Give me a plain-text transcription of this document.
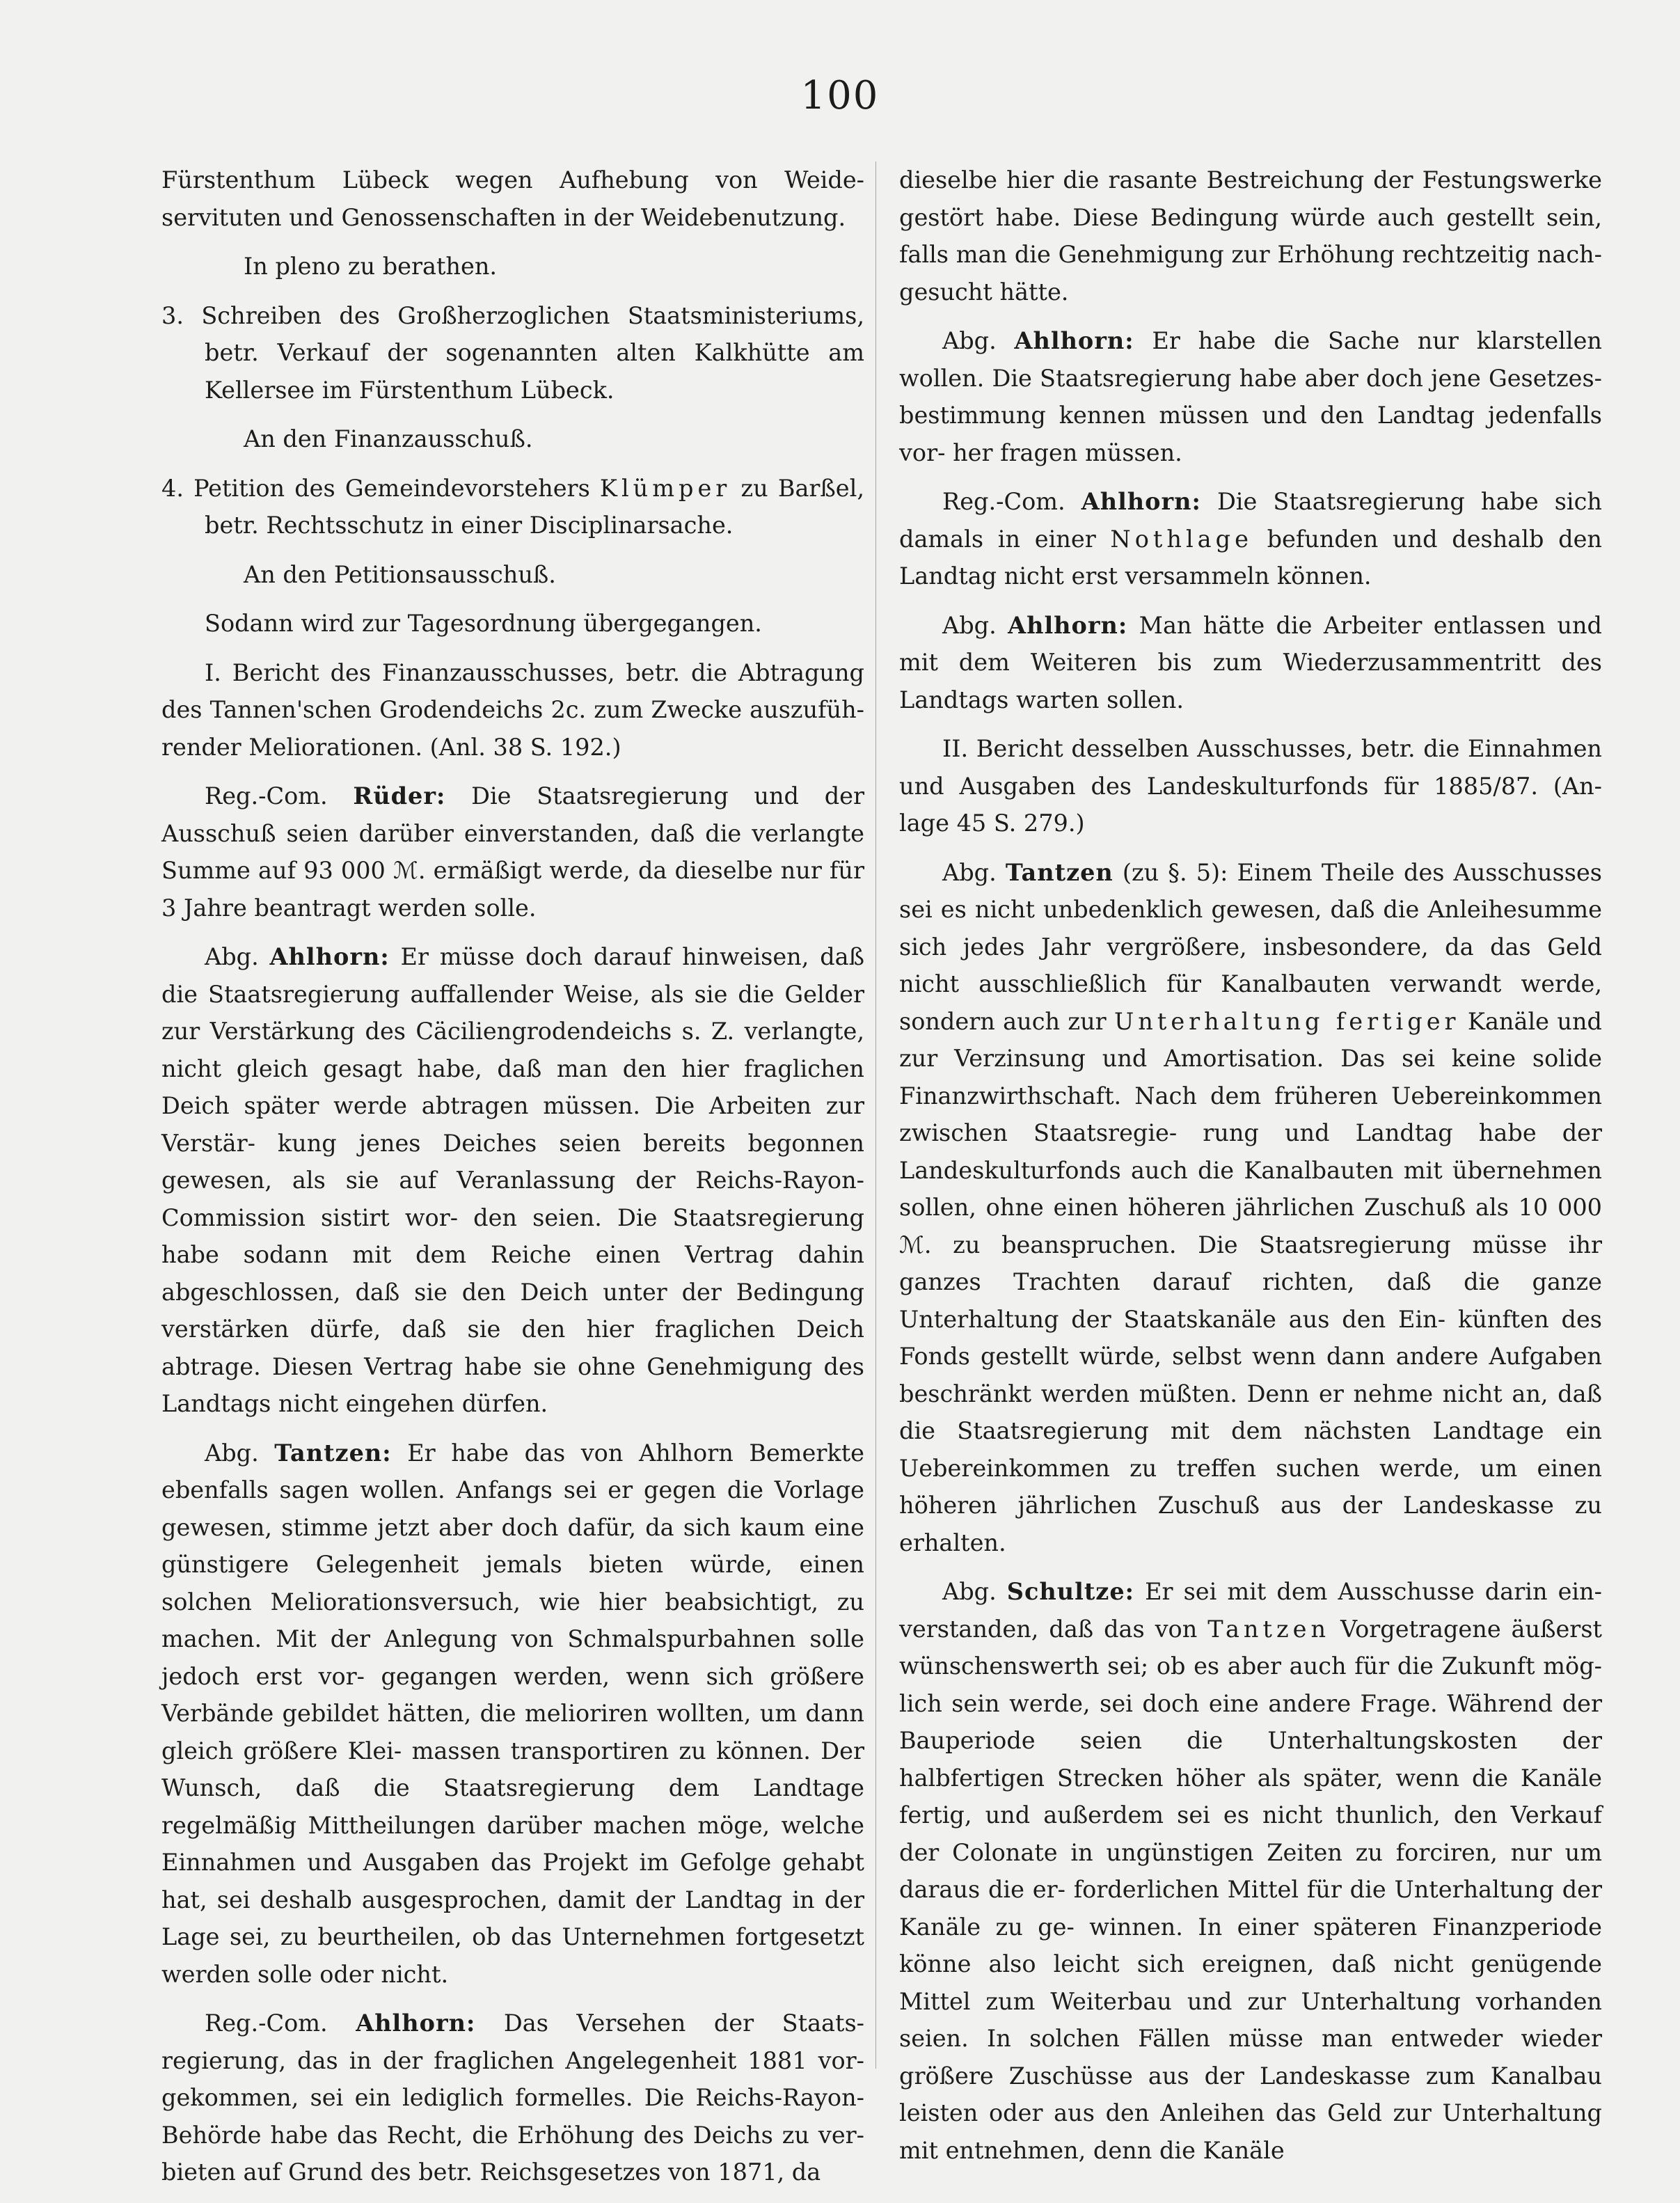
100

Fürstenthum Lübeck wegen Aufhebung von Weide- servituten und Genossenschaften in der Weidebenutzung.

In pleno zu berathen.

3. Schreiben des Großherzoglichen Staatsministeriums, betr. Verkauf der sogenannten alten Kalkhütte am Kellersee im Fürstenthum Lübeck.

An den Finanzausschuß.

4. Petition des Gemeindevorstehers Klümper zu Barßel, betr. Rechtsschutz in einer Disciplinarsache.

An den Petitionsausschuß.

Sodann wird zur Tagesordnung übergegangen.

I. Bericht des Finanzausschusses, betr. die Abtragung des Tannen'schen Grodendeichs 2c. zum Zwecke auszufüh- render Meliorationen. (Anl. 38 S. 192.)

Reg.-Com. Rüder: Die Staatsregierung und der Ausschuß seien darüber einverstanden, daß die verlangte Summe auf 93 000 ℳ. ermäßigt werde, da dieselbe nur für 3 Jahre beantragt werden solle.

Abg. Ahlhorn: Er müsse doch darauf hinweisen, daß die Staatsregierung auffallender Weise, als sie die Gelder zur Verstärkung des Cäciliengrodendeichs s. Z. verlangte, nicht gleich gesagt habe, daß man den hier fraglichen Deich später werde abtragen müssen. Die Arbeiten zur Verstär- kung jenes Deiches seien bereits begonnen gewesen, als sie auf Veranlassung der Reichs-Rayon-Commission sistirt wor- den seien. Die Staatsregierung habe sodann mit dem Reiche einen Vertrag dahin abgeschlossen, daß sie den Deich unter der Bedingung verstärken dürfe, daß sie den hier fraglichen Deich abtrage. Diesen Vertrag habe sie ohne Genehmigung des Landtags nicht eingehen dürfen.

Abg. Tantzen: Er habe das von Ahlhorn Bemerkte ebenfalls sagen wollen. Anfangs sei er gegen die Vorlage gewesen, stimme jetzt aber doch dafür, da sich kaum eine günstigere Gelegenheit jemals bieten würde, einen solchen Meliorationsversuch, wie hier beabsichtigt, zu machen. Mit der Anlegung von Schmalspurbahnen solle jedoch erst vor- gegangen werden, wenn sich größere Verbände gebildet hätten, die melioriren wollten, um dann gleich größere Klei- massen transportiren zu können. Der Wunsch, daß die Staatsregierung dem Landtage regelmäßig Mittheilungen darüber machen möge, welche Einnahmen und Ausgaben das Projekt im Gefolge gehabt hat, sei deshalb ausgesprochen, damit der Landtag in der Lage sei, zu beurtheilen, ob das Unternehmen fortgesetzt werden solle oder nicht.

Reg.-Com. Ahlhorn: Das Versehen der Staats- regierung, das in der fraglichen Angelegenheit 1881 vor- gekommen, sei ein lediglich formelles. Die Reichs-Rayon- Behörde habe das Recht, die Erhöhung des Deichs zu ver- bieten auf Grund des betr. Reichsgesetzes von 1871, da

dieselbe hier die rasante Bestreichung der Festungswerke gestört habe. Diese Bedingung würde auch gestellt sein, falls man die Genehmigung zur Erhöhung rechtzeitig nach- gesucht hätte.

Abg. Ahlhorn: Er habe die Sache nur klarstellen wollen. Die Staatsregierung habe aber doch jene Gesetzes- bestimmung kennen müssen und den Landtag jedenfalls vor- her fragen müssen.

Reg.-Com. Ahlhorn: Die Staatsregierung habe sich damals in einer Nothlage befunden und deshalb den Landtag nicht erst versammeln können.

Abg. Ahlhorn: Man hätte die Arbeiter entlassen und mit dem Weiteren bis zum Wiederzusammentritt des Landtags warten sollen.

II. Bericht desselben Ausschusses, betr. die Einnahmen und Ausgaben des Landeskulturfonds für 1885/87. (An- lage 45 S. 279.)

Abg. Tantzen (zu §. 5): Einem Theile des Ausschusses sei es nicht unbedenklich gewesen, daß die Anleihesumme sich jedes Jahr vergrößere, insbesondere, da das Geld nicht ausschließlich für Kanalbauten verwandt werde, sondern auch zur Unterhaltung fertiger Kanäle und zur Verzinsung und Amortisation. Das sei keine solide Finanzwirthschaft. Nach dem früheren Uebereinkommen zwischen Staatsregie- rung und Landtag habe der Landeskulturfonds auch die Kanalbauten mit übernehmen sollen, ohne einen höheren jährlichen Zuschuß als 10 000 ℳ. zu beanspruchen. Die Staatsregierung müsse ihr ganzes Trachten darauf richten, daß die ganze Unterhaltung der Staatskanäle aus den Ein- künften des Fonds gestellt würde, selbst wenn dann andere Aufgaben beschränkt werden müßten. Denn er nehme nicht an, daß die Staatsregierung mit dem nächsten Landtage ein Uebereinkommen zu treffen suchen werde, um einen höheren jährlichen Zuschuß aus der Landeskasse zu erhalten.

Abg. Schultze: Er sei mit dem Ausschusse darin ein- verstanden, daß das von Tantzen Vorgetragene äußerst wünschenswerth sei; ob es aber auch für die Zukunft mög- lich sein werde, sei doch eine andere Frage. Während der Bauperiode seien die Unterhaltungskosten der halbfertigen Strecken höher als später, wenn die Kanäle fertig, und außerdem sei es nicht thunlich, den Verkauf der Colonate in ungünstigen Zeiten zu forciren, nur um daraus die er- forderlichen Mittel für die Unterhaltung der Kanäle zu ge- winnen. In einer späteren Finanzperiode könne also leicht sich ereignen, daß nicht genügende Mittel zum Weiterbau und zur Unterhaltung vorhanden seien. In solchen Fällen müsse man entweder wieder größere Zuschüsse aus der Landeskasse zum Kanalbau leisten oder aus den Anleihen das Geld zur Unterhaltung mit entnehmen, denn die Kanäle
